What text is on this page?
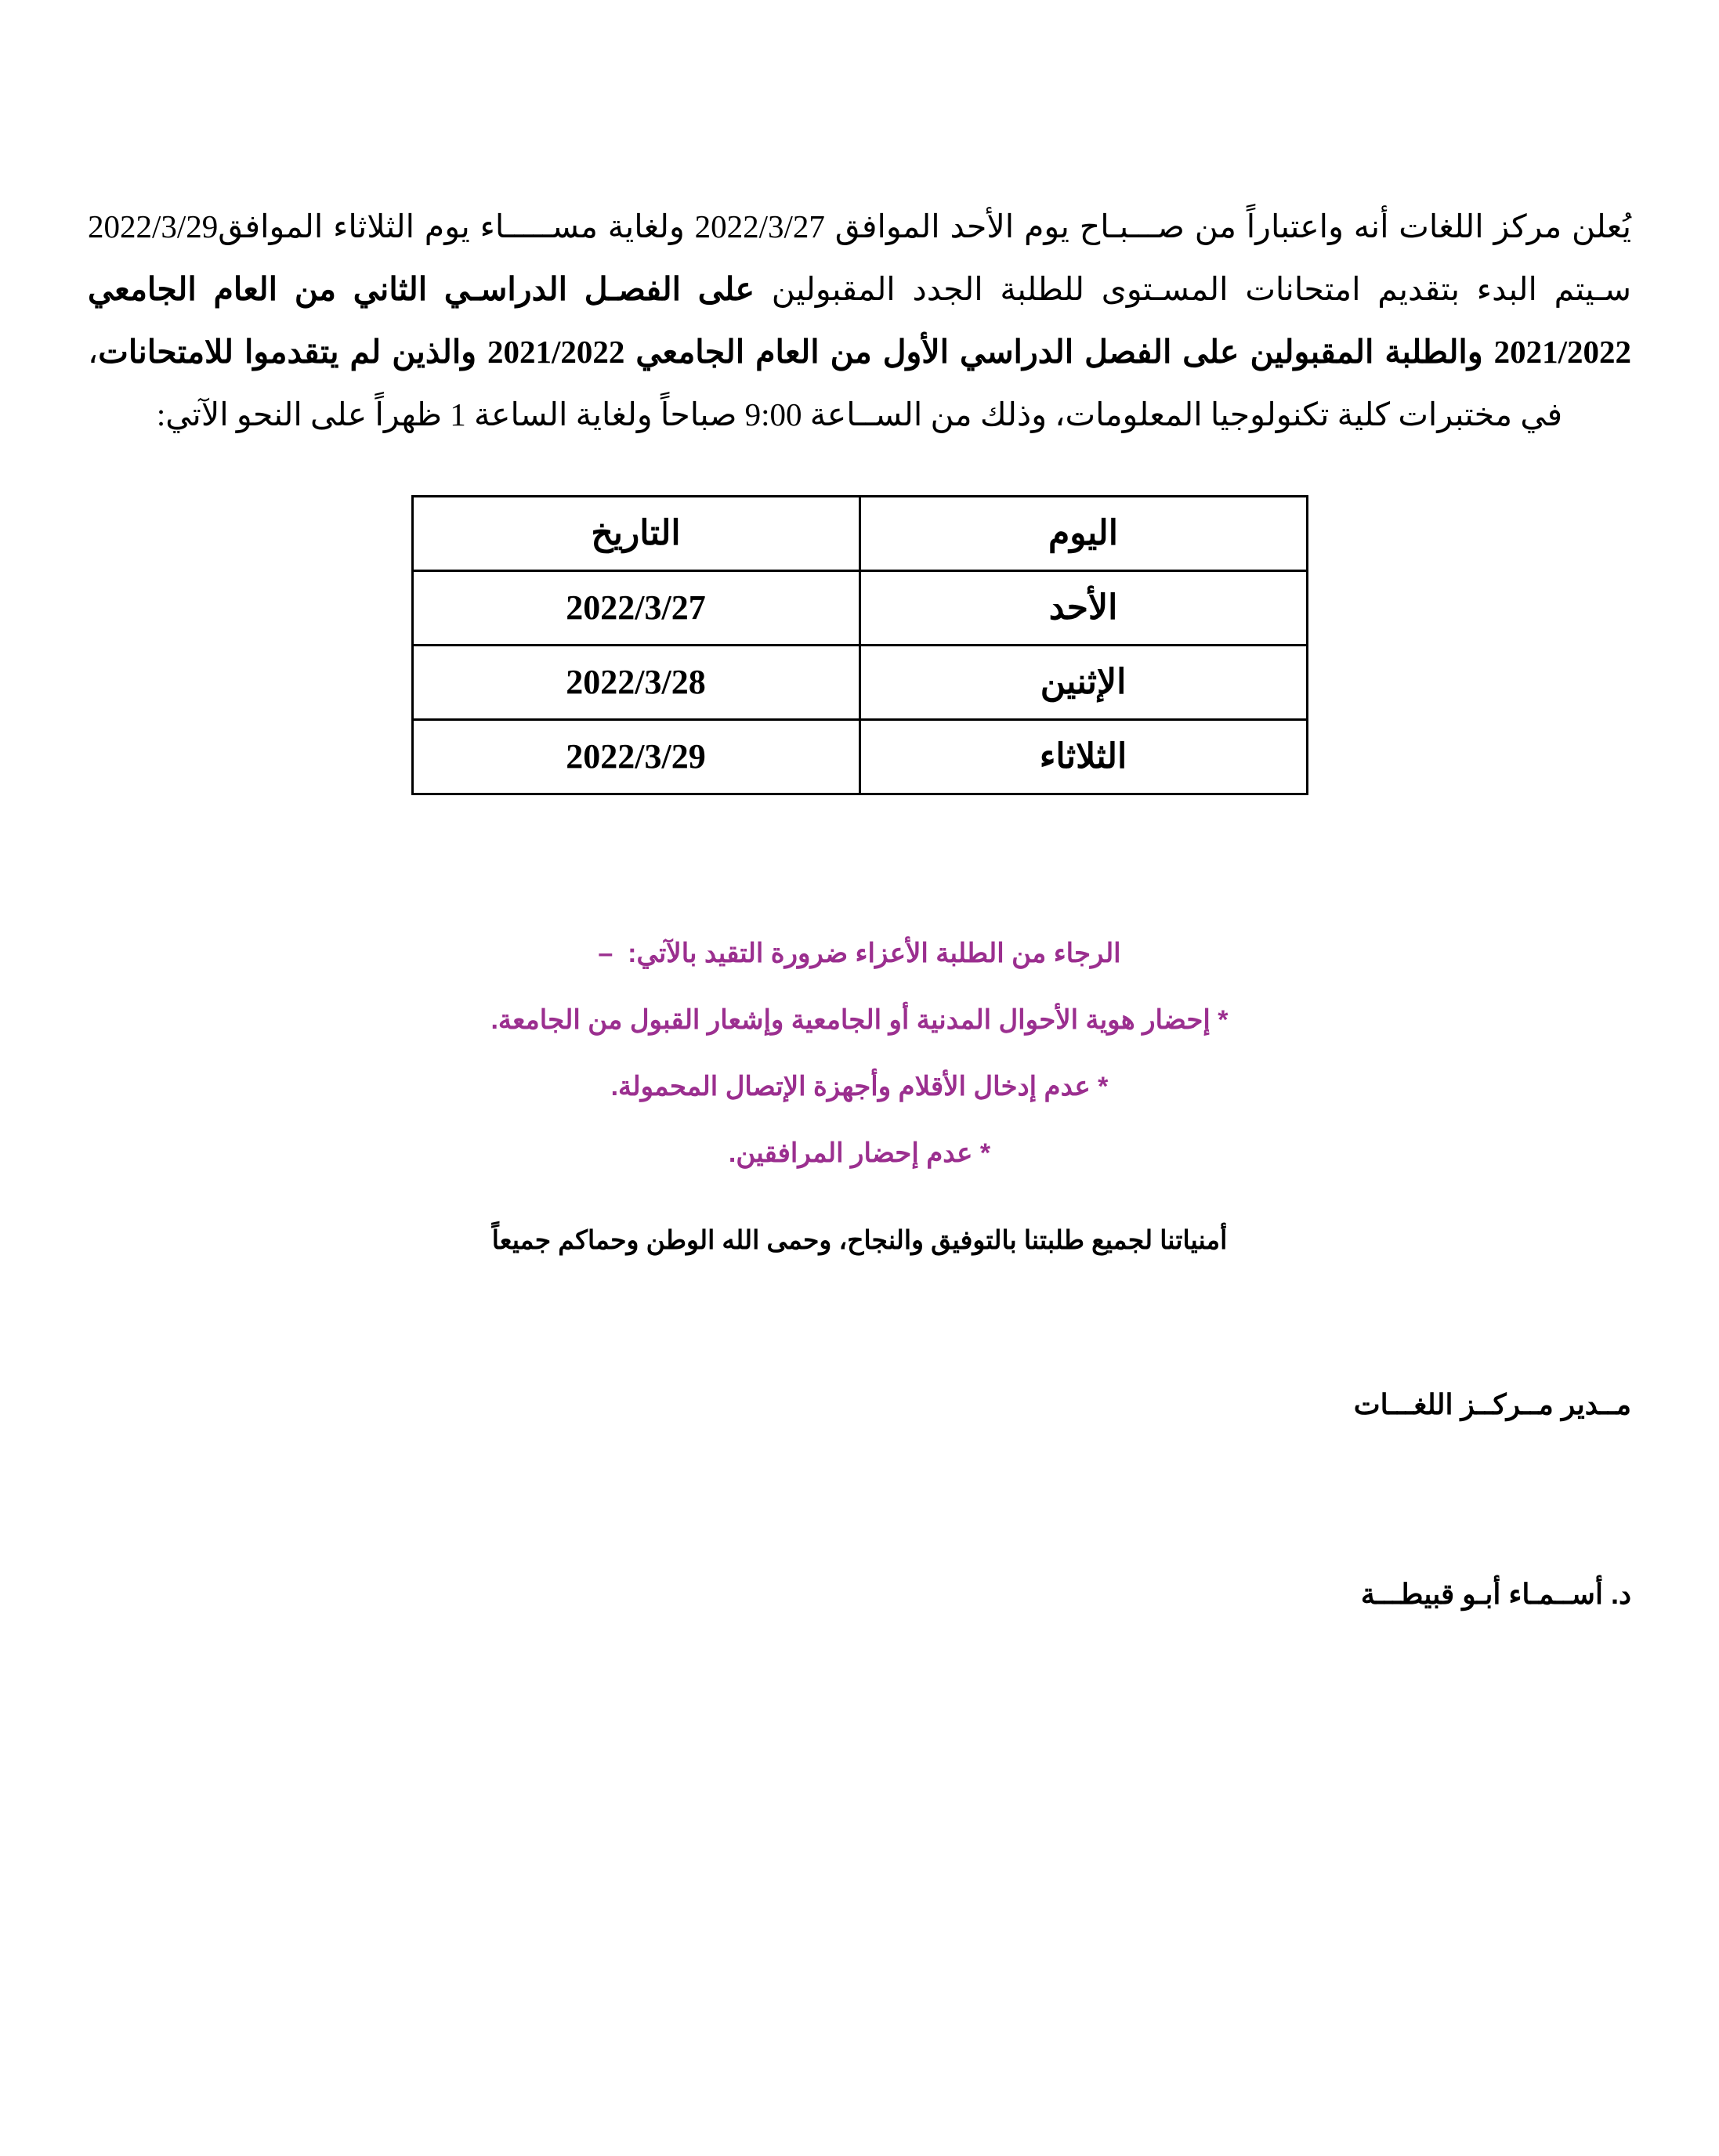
يُعلن مركز اللغات أنه واعتباراً من صـــبـاح يوم الأحد الموافق 2022/3/27 ولغاية مســـــاء يوم الثلاثاء الموافق2022/3/29 سـيتم البدء بتقديم امتحانات المسـتوى للطلبة الجدد المقبولين على الفصـل الدراسـي الثاني من العام الجامعي 2021/2022 والطلبة المقبولين على الفصل الدراسي الأول من العام الجامعي 2021/2022 والذين لم يتقدموا للامتحانات، في مختبرات كلية تكنولوجيا المعلومات، وذلك من الســاعة 9:00 صباحاً ولغاية الساعة 1 ظهراً على النحو الآتي:

اليوم	التاريخ
الأحد	2022/3/27
الإثنين	2022/3/28
الثلاثاء	2022/3/29
الرجاء من الطلبة الأعزاء ضرورة التقيد بالآتي:  –
* إحضار هوية الأحوال المدنية أو الجامعية وإشعار القبول من الجامعة.
* عدم إدخال الأقلام وأجهزة الإتصال المحمولة.
* عدم إحضار المرافقين.
أمنياتنا لجميع طلبتنا بالتوفيق والنجاح، وحمى الله الوطن وحماكم جميعاً
مــدير مــركــز اللغـــات
د. أســمـاء أبـو قبيطـــة
